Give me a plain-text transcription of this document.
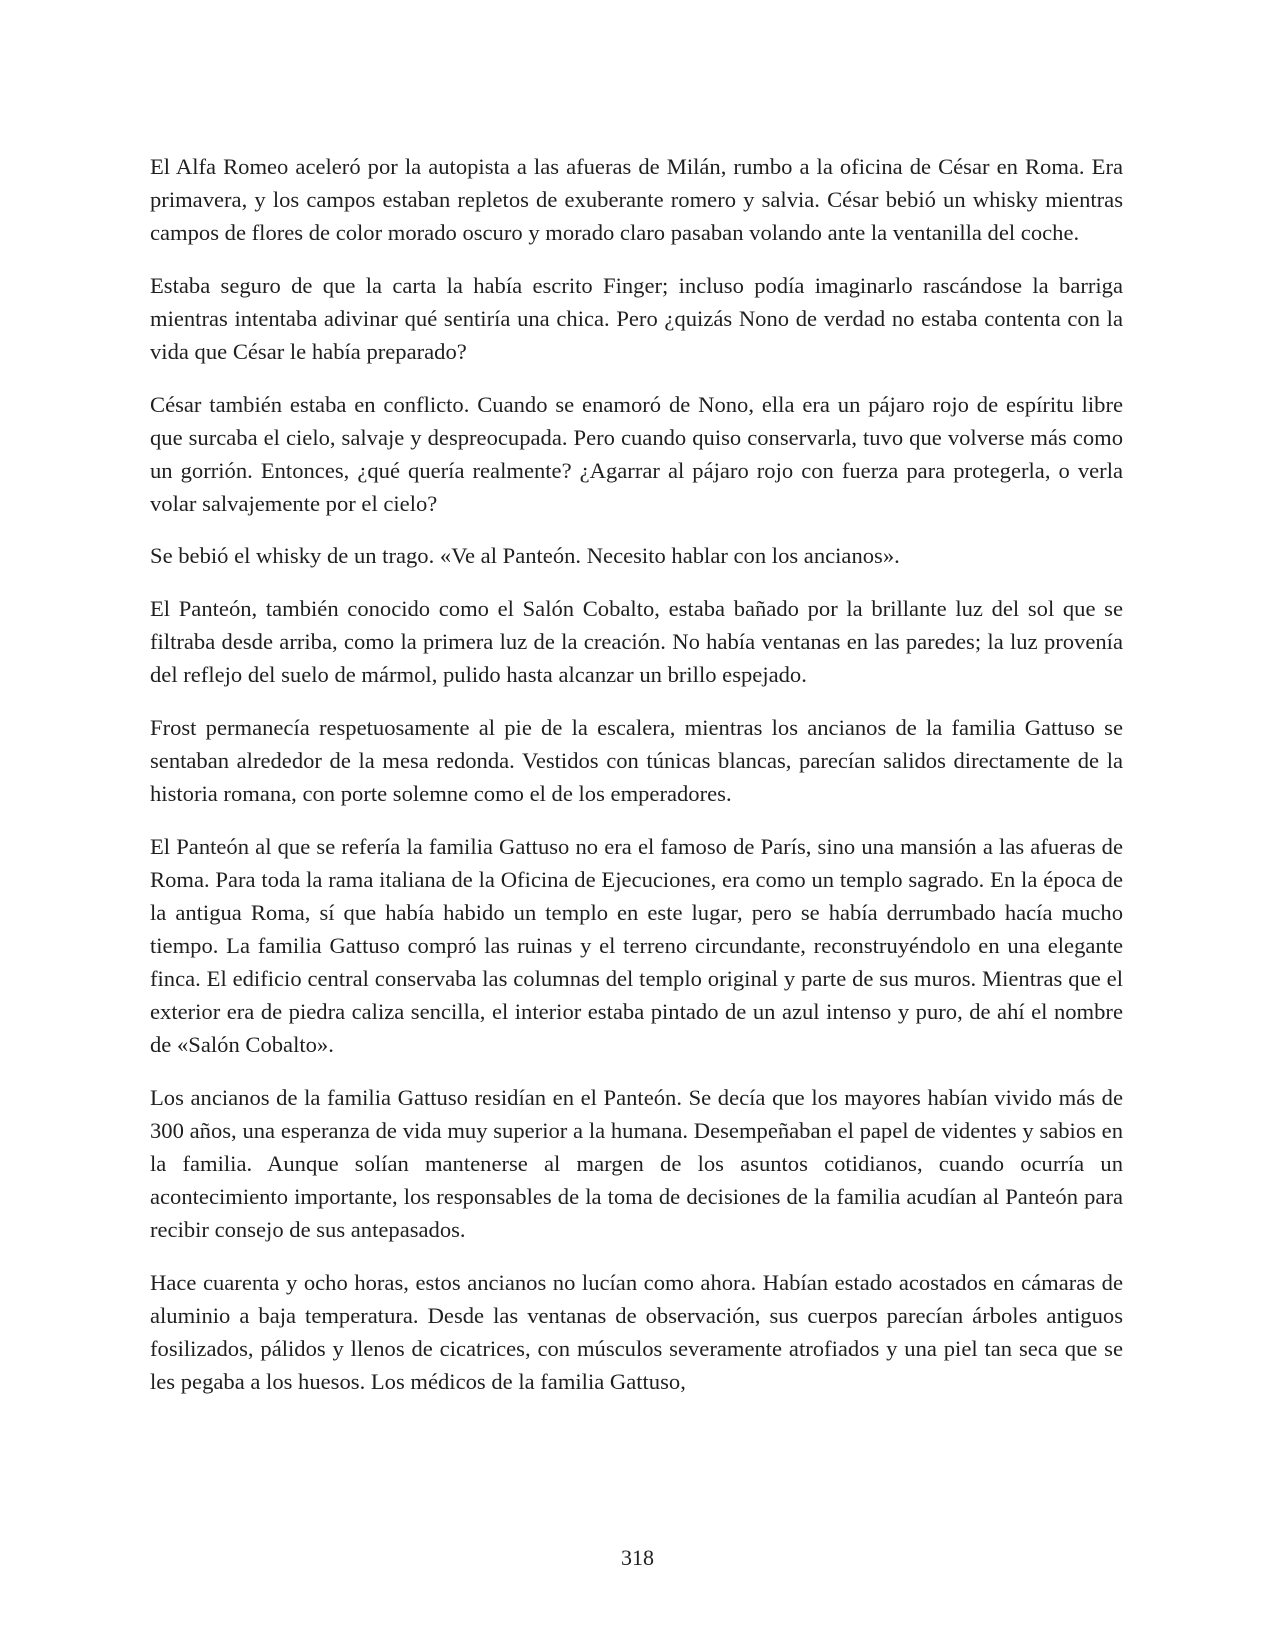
El Alfa Romeo aceleró por la autopista a las afueras de Milán, rumbo a la oficina de César en Roma. Era primavera, y los campos estaban repletos de exuberante romero y salvia. César bebió un whisky mientras campos de flores de color morado oscuro y morado claro pasaban volando ante la ventanilla del coche.

Estaba seguro de que la carta la había escrito Finger; incluso podía imaginarlo rascándose la barriga mientras intentaba adivinar qué sentiría una chica. Pero ¿quizás Nono de verdad no estaba contenta con la vida que César le había preparado?

César también estaba en conflicto. Cuando se enamoró de Nono, ella era un pájaro rojo de espíritu libre que surcaba el cielo, salvaje y despreocupada. Pero cuando quiso conservarla, tuvo que volverse más como un gorrión. Entonces, ¿qué quería realmente? ¿Agarrar al pájaro rojo con fuerza para protegerla, o verla volar salvajemente por el cielo?

Se bebió el whisky de un trago. «Ve al Panteón. Necesito hablar con los ancianos».

El Panteón, también conocido como el Salón Cobalto, estaba bañado por la brillante luz del sol que se filtraba desde arriba, como la primera luz de la creación. No había ventanas en las paredes; la luz provenía del reflejo del suelo de mármol, pulido hasta alcanzar un brillo espejado.

Frost permanecía respetuosamente al pie de la escalera, mientras los ancianos de la familia Gattuso se sentaban alrededor de la mesa redonda. Vestidos con túnicas blancas, parecían salidos directamente de la historia romana, con porte solemne como el de los emperadores.

El Panteón al que se refería la familia Gattuso no era el famoso de París, sino una mansión a las afueras de Roma. Para toda la rama italiana de la Oficina de Ejecuciones, era como un templo sagrado. En la época de la antigua Roma, sí que había habido un templo en este lugar, pero se había derrumbado hacía mucho tiempo. La familia Gattuso compró las ruinas y el terreno circundante, reconstruyéndolo en una elegante finca. El edificio central conservaba las columnas del templo original y parte de sus muros. Mientras que el exterior era de piedra caliza sencilla, el interior estaba pintado de un azul intenso y puro, de ahí el nombre de «Salón Cobalto».

Los ancianos de la familia Gattuso residían en el Panteón. Se decía que los mayores habían vivido más de 300 años, una esperanza de vida muy superior a la humana. Desempeñaban el papel de videntes y sabios en la familia. Aunque solían mantenerse al margen de los asuntos cotidianos, cuando ocurría un acontecimiento importante, los responsables de la toma de decisiones de la familia acudían al Panteón para recibir consejo de sus antepasados.

Hace cuarenta y ocho horas, estos ancianos no lucían como ahora. Habían estado acostados en cámaras de aluminio a baja temperatura. Desde las ventanas de observación, sus cuerpos parecían árboles antiguos fosilizados, pálidos y llenos de cicatrices, con músculos severamente atrofiados y una piel tan seca que se les pegaba a los huesos. Los médicos de la familia Gattuso,

318
